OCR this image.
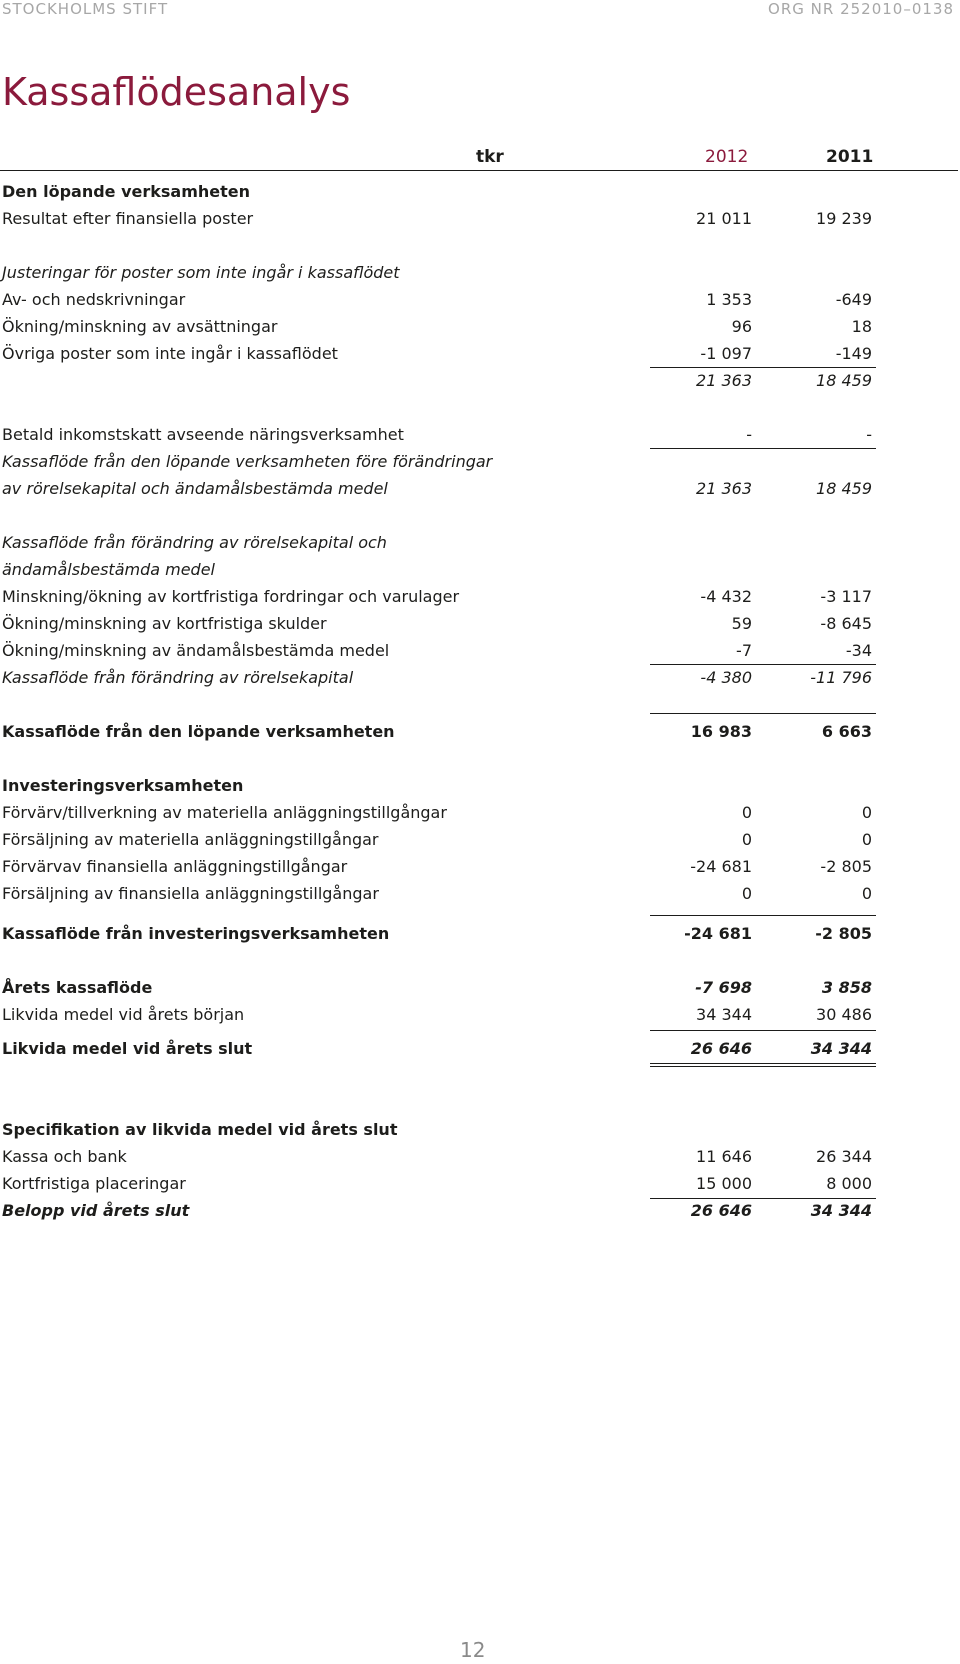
STOCKHOLMS STIFT	ORG NR 252010–0138
Kassaflödesanalys
tkr	2012	2011
Den löpande verksamheten
Resultat efter finansiella poster	21 011	19 239
Justeringar för poster som inte ingår i kassaflödet
Av- och nedskrivningar	1 353	-649
Ökning/minskning av avsättningar	96	18
Övriga poster som inte ingår i kassaflödet	-1 097	-149
21 363	18 459
Betald inkomstskatt avseende näringsverksamhet	-	-
Kassaflöde från den löpande verksamheten före förändringar
av rörelsekapital och ändamålsbestämda medel	21 363	18 459
Kassaflöde från förändring av rörelsekapital och
ändamålsbestämda medel
Minskning/ökning av kortfristiga fordringar och varulager	-4 432	-3 117
Ökning/minskning av kortfristiga skulder	59	-8 645
Ökning/minskning av ändamålsbestämda medel	-7	-34
Kassaflöde från förändring av rörelsekapital	-4 380	-11 796
Kassaflöde från den löpande verksamheten	16 983	6 663
Investeringsverksamheten
Förvärv/tillverkning av materiella anläggningstillgångar	0	0
Försäljning av materiella anläggningstillgångar	0	0
Förvärvav finansiella anläggningstillgångar	-24 681	-2 805
Försäljning av finansiella anläggningstillgångar	0	0
Kassaflöde från investeringsverksamheten	-24 681	-2 805
Årets kassaflöde	-7 698	3 858
Likvida medel vid årets början	34 344	30 486
Likvida medel vid årets slut	26 646	34 344
Specifikation av likvida medel vid årets slut
Kassa och bank	11 646	26 344
Kortfristiga placeringar	15 000	8 000
Belopp vid årets slut	26 646	34 344
12
